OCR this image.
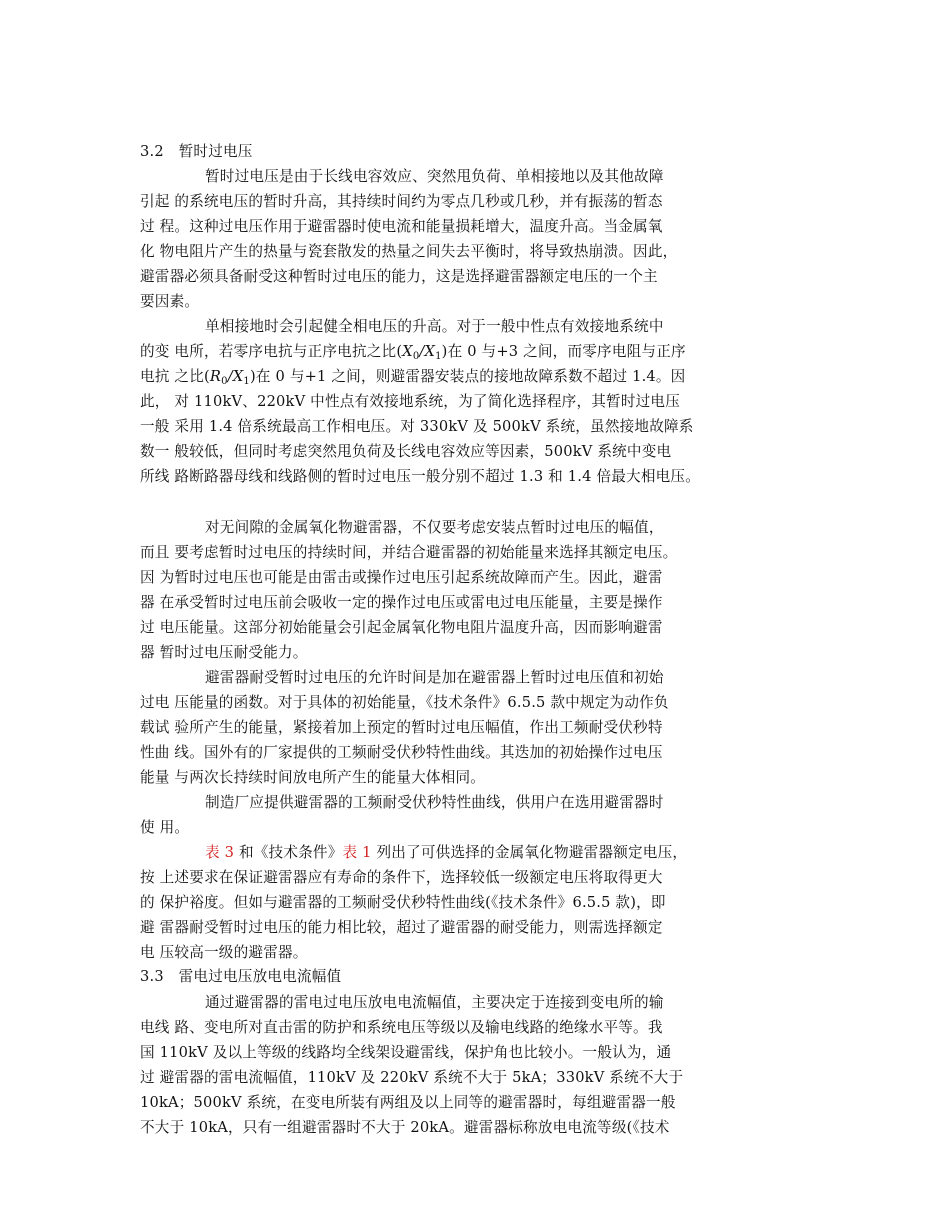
3.2　暂时过电压
暂时过电压是由于长线电容效应、突然甩负荷、单相接地以及其他故障
引起 的系统电压的暂时升高，其持续时间约为零点几秒或几秒，并有振荡的暂态
过 程。这种过电压作用于避雷器时使电流和能量损耗增大，温度升高。当金属氧
化 物电阻片产生的热量与瓷套散发的热量之间失去平衡时，将导致热崩溃。因此，
避雷器必须具备耐受这种暂时过电压的能力，这是选择避雷器额定电压的一个主
要因素。
单相接地时会引起健全相电压的升高。对于一般中性点有效接地系统中
的变 电所，若零序电抗与正序电抗之比$(X_0/X_1)$在 0 与+3 之间，而零序电阻与正序
电抗 之比$(R_0/X_1)$在 0 与+1 之间，则避雷器安装点的接地故障系数不超过 1.4。因
此， 对 110kV、220kV 中性点有效接地系统，为了简化选择程序，其暂时过电压
一般 采用 1.4 倍系统最高工作相电压。对 330kV 及 500kV 系统，虽然接地故障系
数一 般较低，但同时考虑突然甩负荷及长线电容效应等因素，500kV 系统中变电
所线 路断路器母线和线路侧的暂时过电压一般分别不超过 1.3 和 1.4 倍最大相电压。
对无间隙的金属氧化物避雷器，不仅要考虑安装点暂时过电压的幅值，
而且 要考虑暂时过电压的持续时间，并结合避雷器的初始能量来选择其额定电压。
因 为暂时过电压也可能是由雷击或操作过电压引起系统故障而产生。因此，避雷
器 在承受暂时过电压前会吸收一定的操作过电压或雷电过电压能量，主要是操作
过 电压能量。这部分初始能量会引起金属氧化物电阻片温度升高，因而影响避雷
器 暂时过电压耐受能力。
避雷器耐受暂时过电压的允许时间是加在避雷器上暂时过电压值和初始
过电 压能量的函数。对于具体的初始能量，《技术条件》6.5.5 款中规定为动作负
载试 验所产生的能量，紧接着加上预定的暂时过电压幅值，作出工频耐受伏秒特
性曲 线。国外有的厂家提供的工频耐受伏秒特性曲线。其迭加的初始操作过电压
能量 与两次长持续时间放电所产生的能量大体相同。
制造厂应提供避雷器的工频耐受伏秒特性曲线，供用户在选用避雷器时
使 用。
表 3 和《技术条件》表 1 列出了可供选择的金属氧化物避雷器额定电压，
按 上述要求在保证避雷器应有寿命的条件下，选择较低一级额定电压将取得更大
的 保护裕度。但如与避雷器的工频耐受伏秒特性曲线(《技术条件》6.5.5 款)，即
避 雷器耐受暂时过电压的能力相比较，超过了避雷器的耐受能力，则需选择额定
电 压较高一级的避雷器。
3.3　雷电过电压放电电流幅值
通过避雷器的雷电过电压放电电流幅值，主要决定于连接到变电所的输
电线 路、变电所对直击雷的防护和系统电压等级以及输电线路的绝缘水平等。我
国 110kV 及以上等级的线路均全线架设避雷线，保护角也比较小。一般认为，通
过 避雷器的雷电流幅值，110kV 及 220kV 系统不大于 5kA；330kV 系统不大于
10kA；500kV 系统，在变电所装有两组及以上同等的避雷器时，每组避雷器一般
不大于 10kA，只有一组避雷器时不大于 20kA。避雷器标称放电电流等级(《技术
